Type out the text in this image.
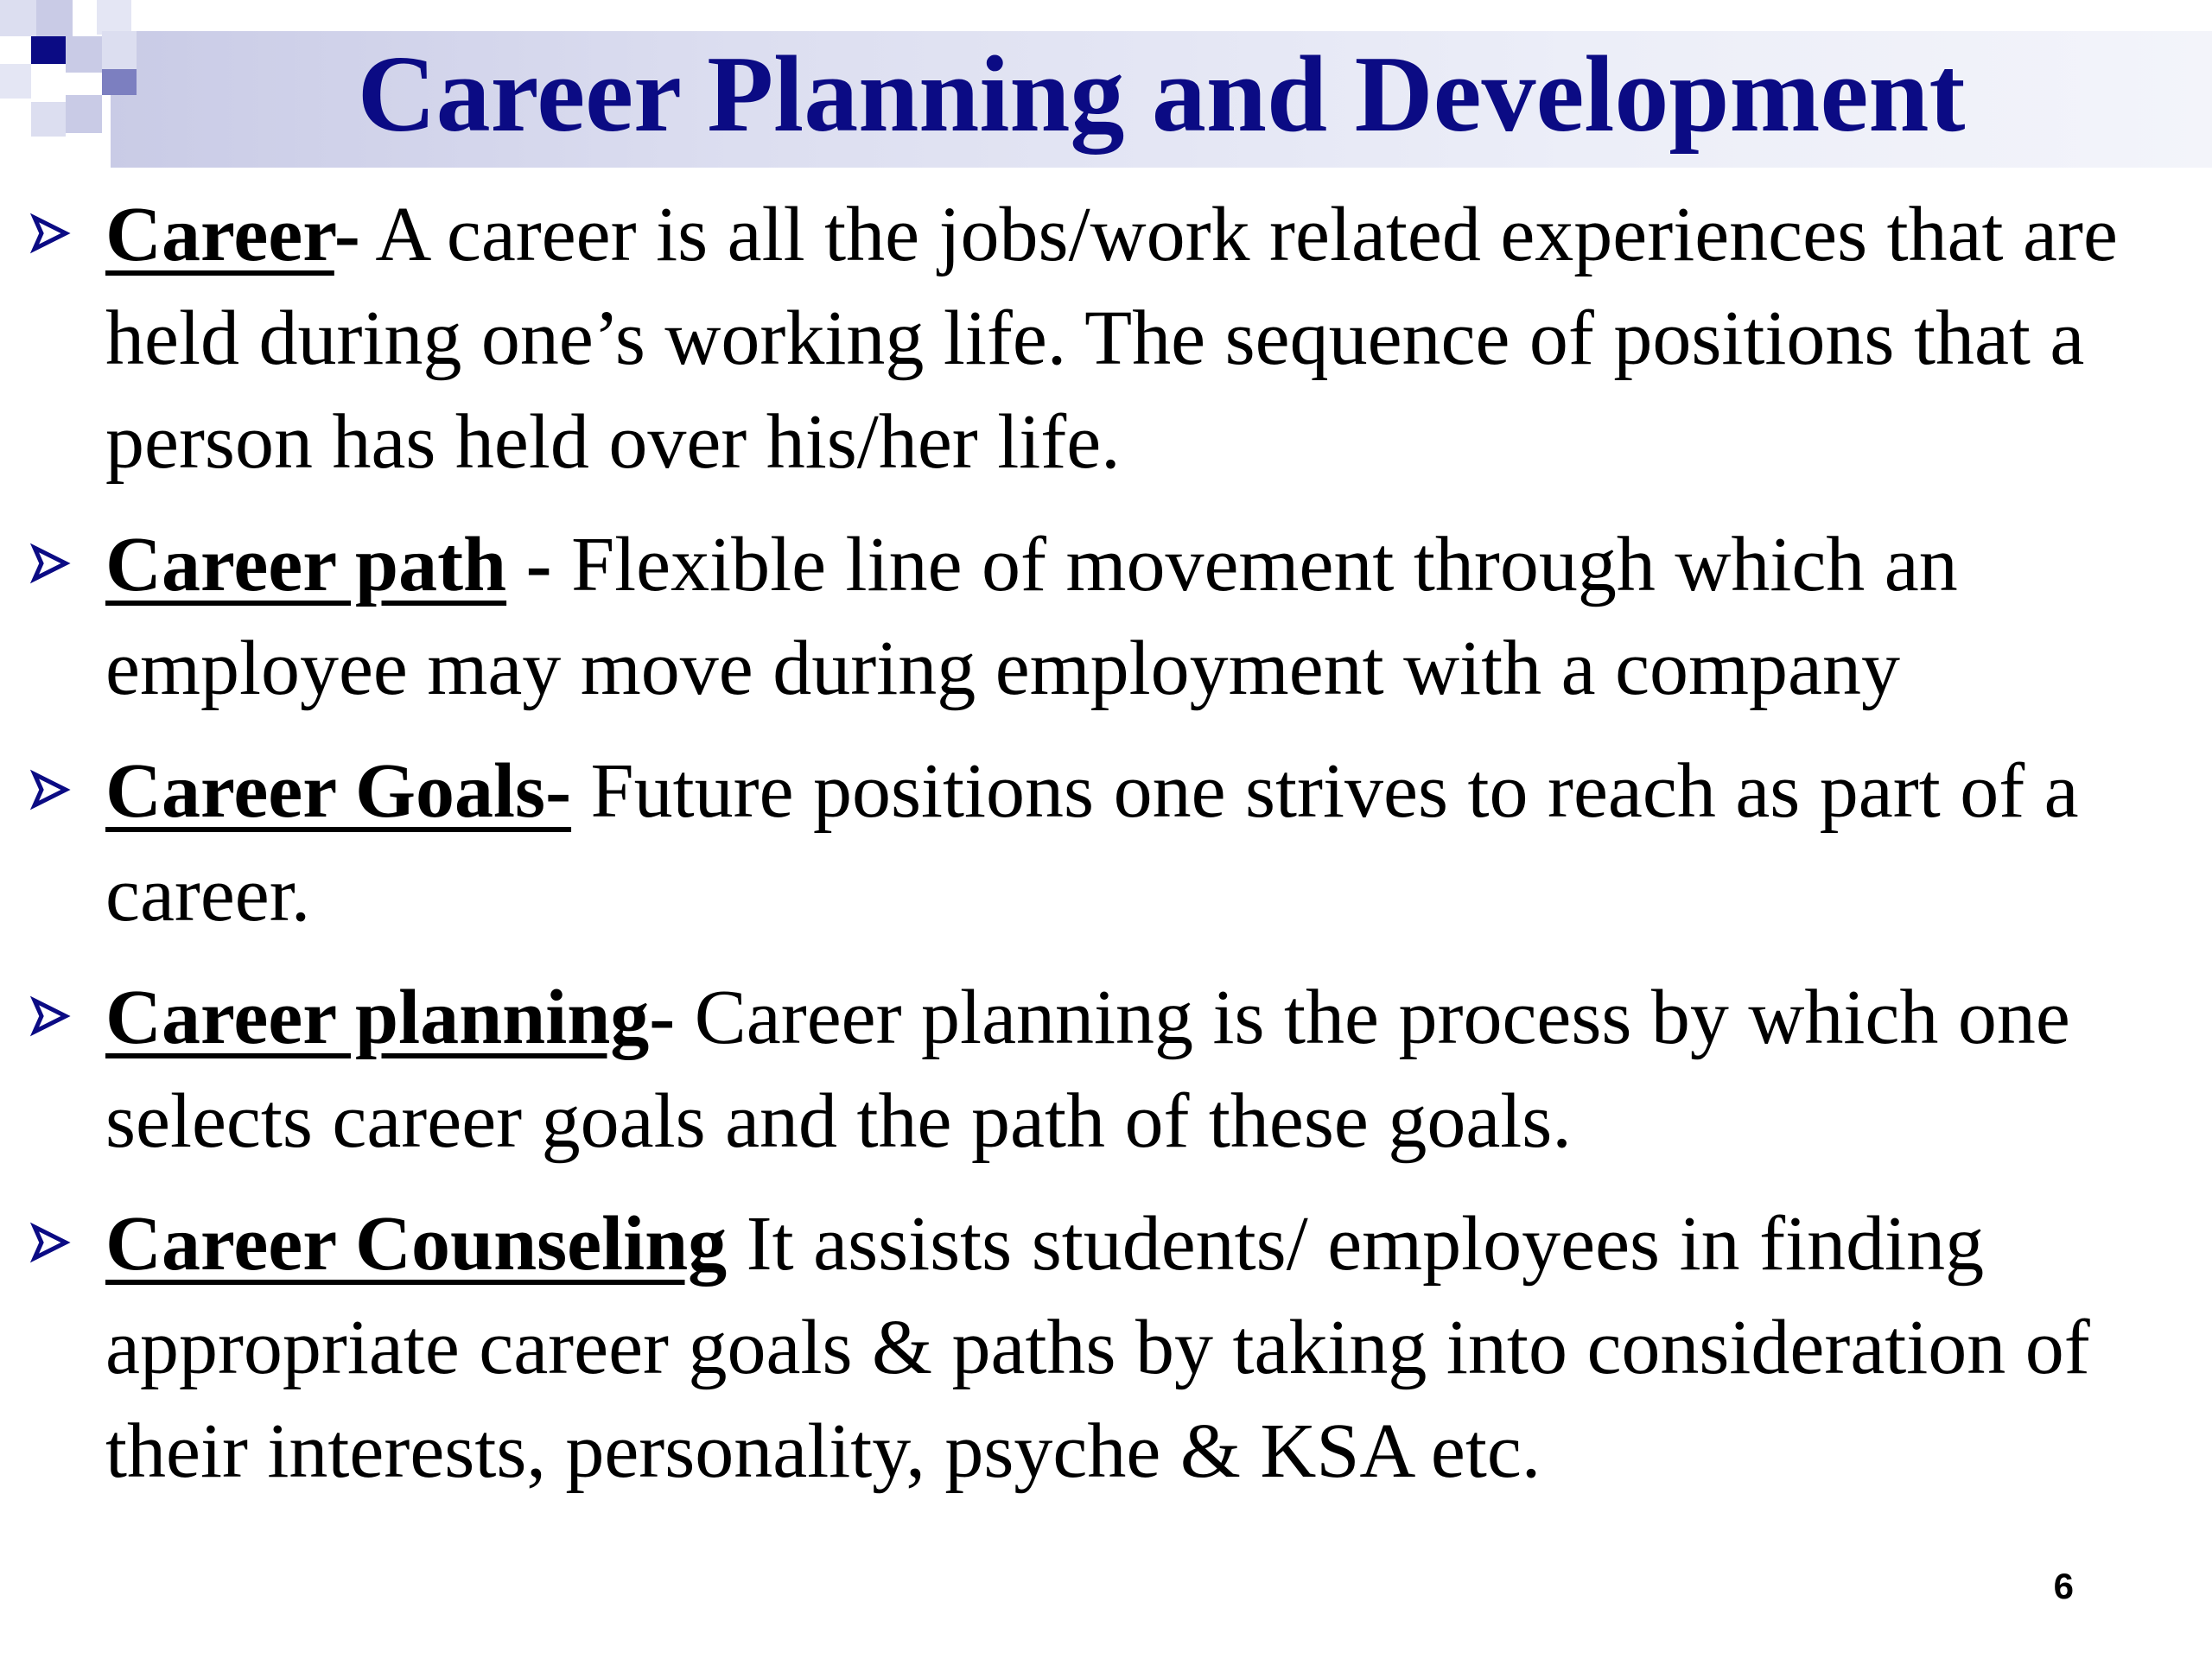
Career Planning and Development
Career- A career is all the jobs/work related experiences that are held during one’s working life. The sequence of positions that a person has held over his/her life.
Career path - Flexible line of movement through which an employee may move during employment with a company
Career Goals- Future positions one strives to reach as part of a career.
Career planning- Career planning is the process by which one selects career goals and the path of these goals.
Career Counseling It assists students/ employees in finding appropriate career goals & paths by taking into consideration of their interests, personality, psyche & KSA etc.
6
